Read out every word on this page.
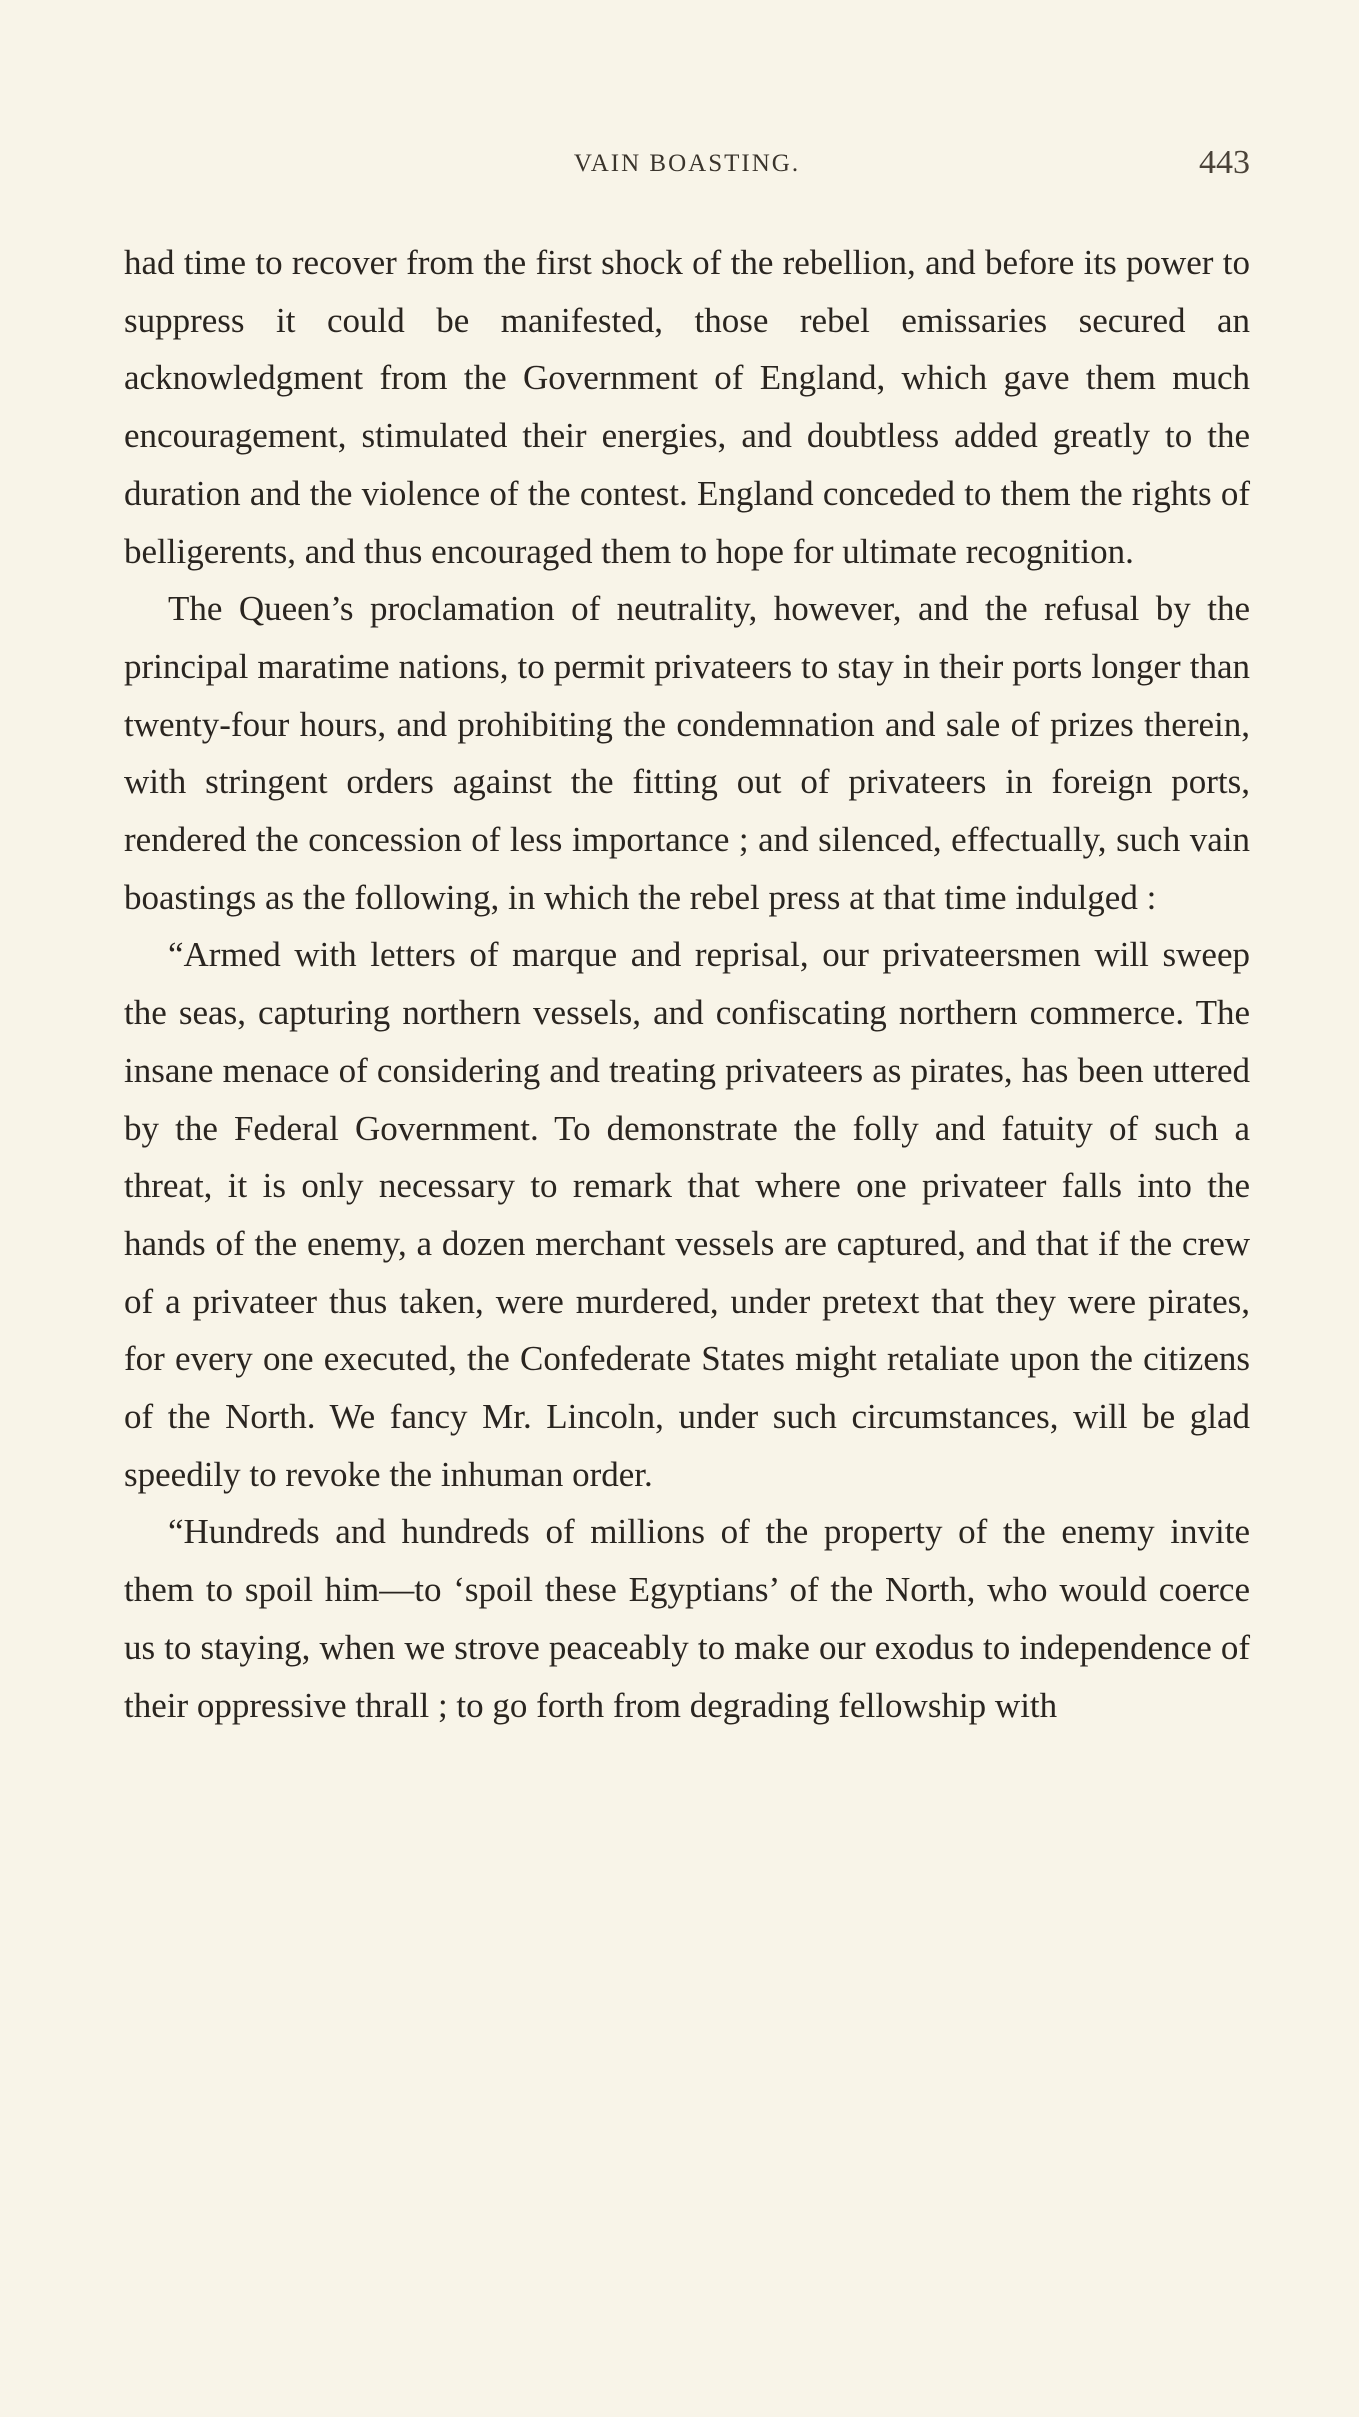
VAIN BOASTING.	443

had time to recover from the first shock of the rebellion, and before its power to suppress it could be manifested, those rebel emissaries secured an acknowledgment from the Government of England, which gave them much encouragement, stimulated their energies, and doubtless added greatly to the duration and the violence of the contest. England conceded to them the rights of belligerents, and thus encouraged them to hope for ultimate recognition.

The Queen’s proclamation of neutrality, however, and the refusal by the principal maratime nations, to permit privateers to stay in their ports longer than twenty-four hours, and prohibiting the condemnation and sale of prizes therein, with stringent orders against the fitting out of privateers in foreign ports, rendered the concession of less importance ; and silenced, effectually, such vain boastings as the following, in which the rebel press at that time indulged :

“Armed with letters of marque and reprisal, our privateersmen will sweep the seas, capturing northern vessels, and confiscating northern commerce. The insane menace of considering and treating privateers as pirates, has been uttered by the Federal Government. To demonstrate the folly and fatuity of such a threat, it is only necessary to remark that where one privateer falls into the hands of the enemy, a dozen merchant vessels are captured, and that if the crew of a privateer thus taken, were murdered, under pretext that they were pirates, for every one executed, the Confederate States might retaliate upon the citizens of the North. We fancy Mr. Lincoln, under such circumstances, will be glad speedily to revoke the inhuman order.

“Hundreds and hundreds of millions of the property of the enemy invite them to spoil him—to ‘spoil these Egyptians’ of the North, who would coerce us to staying, when we strove peaceably to make our exodus to independence of their oppressive thrall ; to go forth from degrading fellowship with
